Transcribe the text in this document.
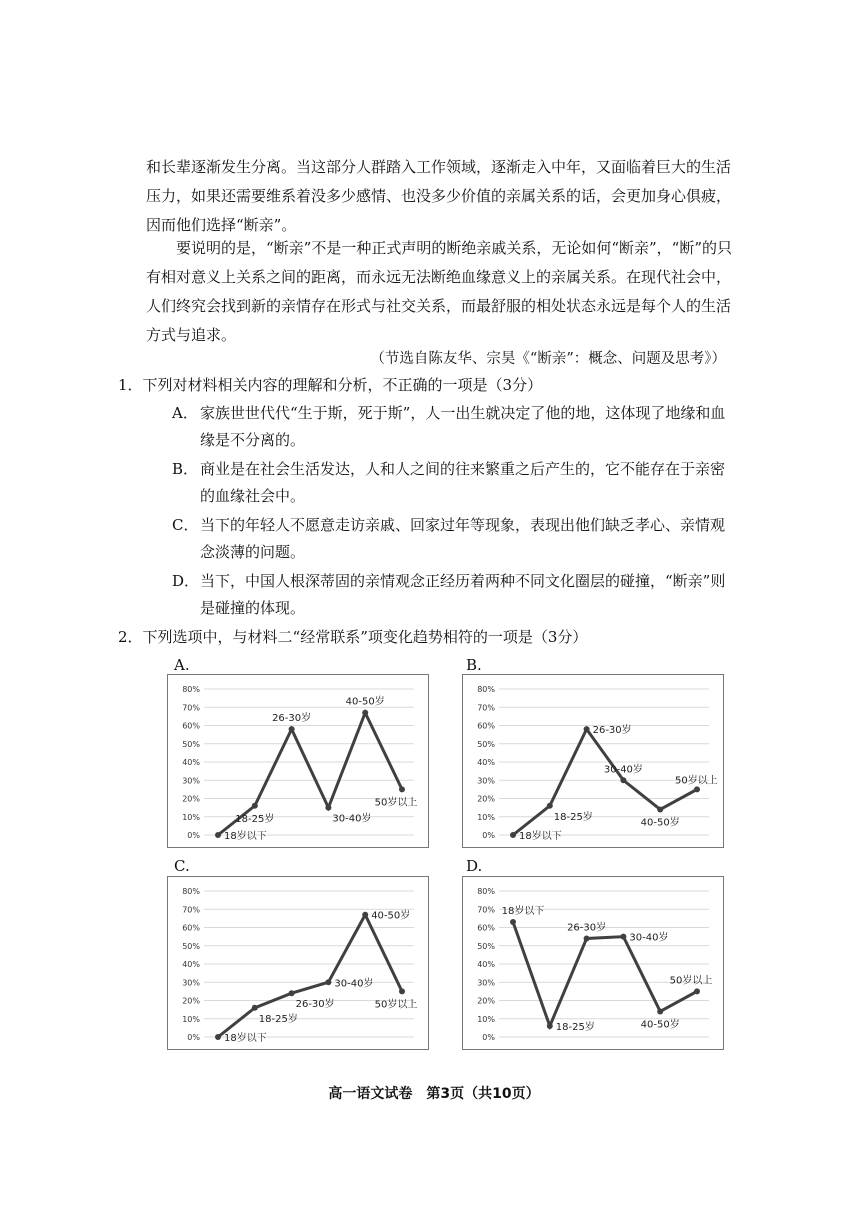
和长辈逐渐发生分离。当这部分人群踏入工作领域，逐渐走入中年，又面临着巨大的生活压力，如果还需要维系着没多少感情、也没多少价值的亲属关系的话，会更加身心俱疲，因而他们选择“断亲”。
要说明的是，“断亲”不是一种正式声明的断绝亲戚关系，无论如何“断亲”，“断”的只有相对意义上关系之间的距离，而永远无法断绝血缘意义上的亲属关系。在现代社会中，人们终究会找到新的亲情存在形式与社交关系，而最舒服的相处状态永远是每个人的生活方式与追求。
（节选自陈友华、宗昊《“断亲”：概念、问题及思考》）
1．下列对材料相关内容的理解和分析，不正确的一项是（3分）
A． 家族世世代代“生于斯，死于斯”，人一出生就决定了他的地，这体现了地缘和血缘是不分离的。
B． 商业是在社会生活发达，人和人之间的往来繁重之后产生的，它不能存在于亲密的血缘社会中。
C． 当下的年轻人不愿意走访亲戚、回家过年等现象，表现出他们缺乏孝心、亲情观念淡薄的问题。
D． 当下，中国人根深蒂固的亲情观念正经历着两种不同文化圈层的碰撞，“断亲”则是碰撞的体现。
2．下列选项中，与材料二“经常联系”项变化趋势相符的一项是（3分）
A.
0%
10%
20%
30%
40%
50%
60%
70%
80%
18岁以下
18-25岁
26-30岁
30-40岁
40-50岁
50岁以上
B.
0%
10%
20%
30%
40%
50%
60%
70%
80%
18岁以下
18-25岁
26-30岁
30-40岁
40-50岁
50岁以上
C.
0%
10%
20%
30%
40%
50%
60%
70%
80%
18岁以下
18-25岁
26-30岁
30-40岁
40-50岁
50岁以上
D.
0%
10%
20%
30%
40%
50%
60%
70%
80%
18岁以下
18-25岁
26-30岁
30-40岁
40-50岁
50岁以上
高一语文试卷　第3页（共10页）
